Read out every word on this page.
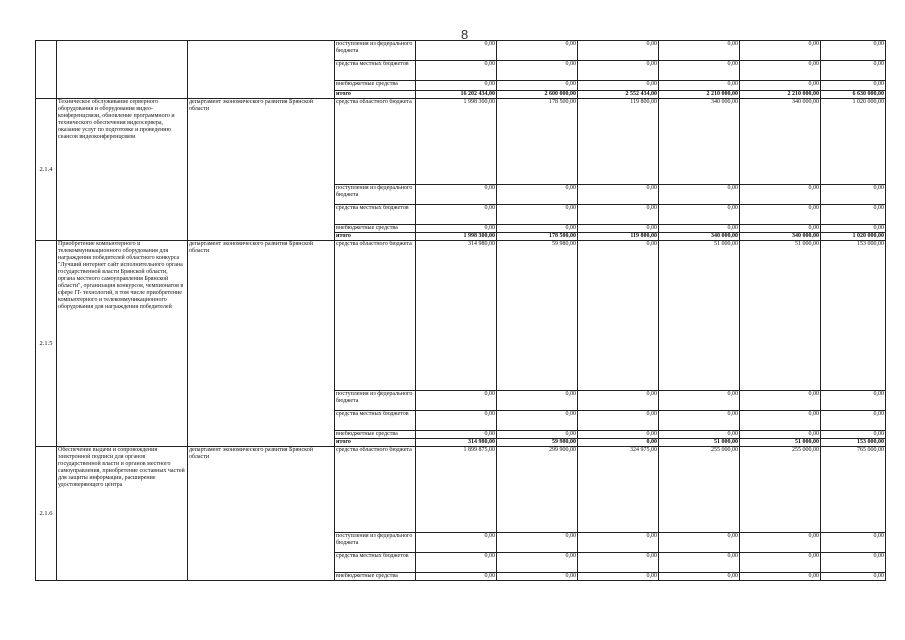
8
			поступления из федерального бюджета	0,00	0,00	0,00	0,00	0,00	0,00
			средства местных бюджетов	0,00	0,00	0,00	0,00	0,00	0,00
			внебюджетные средства	0,00	0,00	0,00	0,00	0,00	0,00
			итого	16 202 434,00	2 600 000,00	2 552 434,00	2 210 000,00	2 210 000,00	6 630 000,00
2.1.4	Техническое обслуживание серверного оборудования и оборудования видео-конференцсвязи, обновление программного и технического обеспечения видеосервера, оказание услуг по подготовке и проведению сеансов видеоконференцсвязи	департамент экономического развития Брянской области	средства областного бюджета	1 998 300,00	178 500,00	119 800,00	340 000,00	340 000,00	1 020 000,00
			поступления из федерального бюджета	0,00	0,00	0,00	0,00	0,00	0,00
			средства местных бюджетов	0,00	0,00	0,00	0,00	0,00	0,00
			внебюджетные средства	0,00	0,00	0,00	0,00	0,00	0,00
			итого	1 998 300,00	178 500,00	119 800,00	340 000,00	340 000,00	1 020 000,00
2.1.5	Приобретение компьютерного и телекоммуникационного оборудования для награждения победителей областного конкурса "Лучший интернет сайт исполнительного органа государственной власти Брянской области, органа местного самоуправления Брянской области", организация конкурсов, чемпионатов в сфере IT- технологий, в том числе приобретение компьютерного и телекоммуникационного оборудования для награждения победителей	департамент экономического развития Брянской области	средства областного бюджета	314 980,00	59 980,00	0,00	51 000,00	51 000,00	153 000,00
			поступления из федерального бюджета	0,00	0,00	0,00	0,00	0,00	0,00
			средства местных бюджетов	0,00	0,00	0,00	0,00	0,00	0,00
			внебюджетные средства	0,00	0,00	0,00	0,00	0,00	0,00
			итого	314 980,00	59 980,00	0,00	51 000,00	51 000,00	153 000,00
2.1.6	Обеспечение выдачи и сопровождения электронной подписи для органов государственной власти и органов местного самоуправления, приобретение составных частей для защиты информации, расширение удостоверяющего центра	департамент экономического развития Брянской области	средства областного бюджета	1 899 875,00	299 900,00	324 975,00	255 000,00	255 000,00	765 000,00
			поступления из федерального бюджета	0,00	0,00	0,00	0,00	0,00	0,00
			средства местных бюджетов	0,00	0,00	0,00	0,00	0,00	0,00
			внебюджетные средства	0,00	0,00	0,00	0,00	0,00	0,00
